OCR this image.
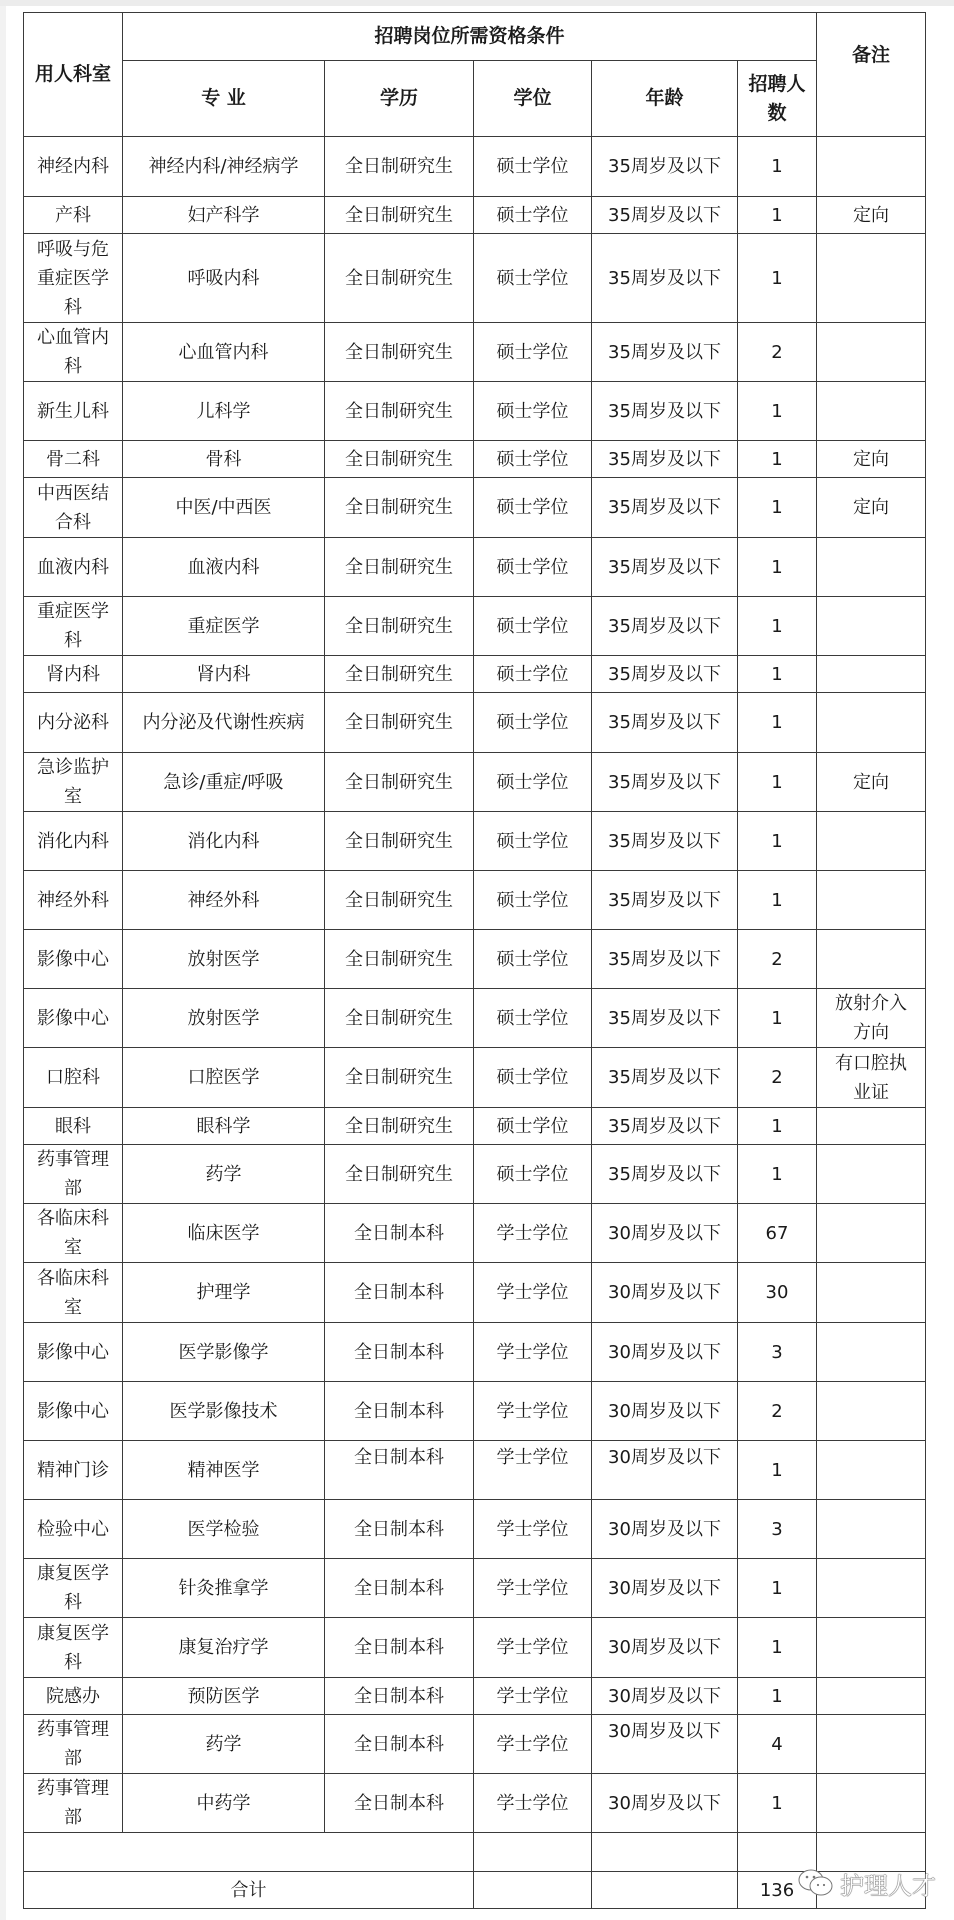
用人科室	招聘岗位所需资格条件					备注
	专 业	学历	学位	年龄	招聘人数	
神经内科	神经内科/神经病学	全日制研究生	硕士学位	35周岁及以下	1	
产科	妇产科学	全日制研究生	硕士学位	35周岁及以下	1	定向
呼吸与危重症医学科	呼吸内科	全日制研究生	硕士学位	35周岁及以下	1	
心血管内科	心血管内科	全日制研究生	硕士学位	35周岁及以下	2	
新生儿科	儿科学	全日制研究生	硕士学位	35周岁及以下	1	
骨二科	骨科	全日制研究生	硕士学位	35周岁及以下	1	定向
中西医结合科	中医/中西医	全日制研究生	硕士学位	35周岁及以下	1	定向
血液内科	血液内科	全日制研究生	硕士学位	35周岁及以下	1	
重症医学科	重症医学	全日制研究生	硕士学位	35周岁及以下	1	
肾内科	肾内科	全日制研究生	硕士学位	35周岁及以下	1	
内分泌科	内分泌及代谢性疾病	全日制研究生	硕士学位	35周岁及以下	1	
急诊监护室	急诊/重症/呼吸	全日制研究生	硕士学位	35周岁及以下	1	定向
消化内科	消化内科	全日制研究生	硕士学位	35周岁及以下	1	
神经外科	神经外科	全日制研究生	硕士学位	35周岁及以下	1	
影像中心	放射医学	全日制研究生	硕士学位	35周岁及以下	2	
影像中心	放射医学	全日制研究生	硕士学位	35周岁及以下	1	放射介入方向
口腔科	口腔医学	全日制研究生	硕士学位	35周岁及以下	2	有口腔执业证
眼科	眼科学	全日制研究生	硕士学位	35周岁及以下	1	
药事管理部	药学	全日制研究生	硕士学位	35周岁及以下	1	
各临床科室	临床医学	全日制本科	学士学位	30周岁及以下	67	
各临床科室	护理学	全日制本科	学士学位	30周岁及以下	30	
影像中心	医学影像学	全日制本科	学士学位	30周岁及以下	3	
影像中心	医学影像技术	全日制本科	学士学位	30周岁及以下	2	
精神门诊	精神医学	全日制本科	学士学位	30周岁及以下	1	
检验中心	医学检验	全日制本科	学士学位	30周岁及以下	3	
康复医学科	针灸推拿学	全日制本科	学士学位	30周岁及以下	1	
康复医学科	康复治疗学	全日制本科	学士学位	30周岁及以下	1	
院感办	预防医学	全日制本科	学士学位	30周岁及以下	1	
药事管理部	药学	全日制本科	学士学位	30周岁及以下	4	
药事管理部	中药学	全日制本科	学士学位	30周岁及以下	1	

合计					136	护理人才
